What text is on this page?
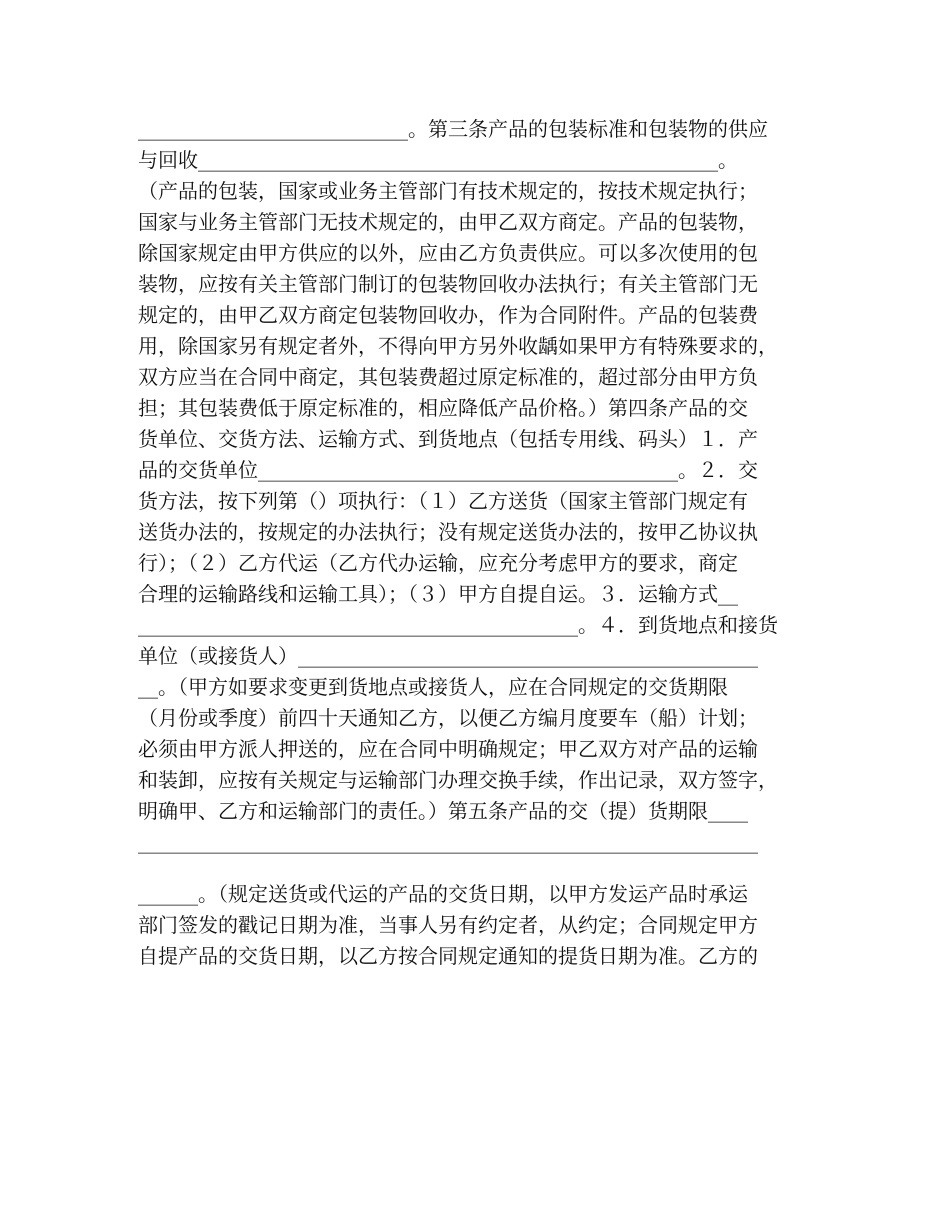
___________________________。第三条产品的包装标准和包装物的供应
与回收____________________________________________________。
（产品的包装，国家或业务主管部门有技术规定的，按技术规定执行；
国家与业务主管部门无技术规定的，由甲乙双方商定。产品的包装物，
除国家规定由甲方供应的以外，应由乙方负责供应。可以多次使用的包
装物，应按有关主管部门制订的包装物回收办法执行；有关主管部门无
规定的，由甲乙双方商定包装物回收办，作为合同附件。产品的包装费
用，除国家另有规定者外，不得向甲方另外收龋如果甲方有特殊要求的，
双方应当在合同中商定，其包装费超过原定标准的，超过部分由甲方负
担；其包装费低于原定标准的，相应降低产品价格。）第四条产品的交
货单位、交货方法、运输方式、到货地点（包括专用线、码头）１．产
品的交货单位__________________________________________。２．交
货方法，按下列第（）项执行：（１）乙方送货（国家主管部门规定有
送货办法的，按规定的办法执行；没有规定送货办法的，按甲乙协议执
行）；（２）乙方代运（乙方代办运输，应充分考虑甲方的要求，商定
合理的运输路线和运输工具）；（３）甲方自提自运。３．运输方式__
____________________________________________。４．到货地点和接货
单位（或接货人）______________________________________________
__。（甲方如要求变更到货地点或接货人，应在合同规定的交货期限
（月份或季度）前四十天通知乙方，以便乙方编月度要车（船）计划；
必须由甲方派人押送的，应在合同中明确规定；甲乙双方对产品的运输
和装卸，应按有关规定与运输部门办理交换手续，作出记录，双方签字，
明确甲、乙方和运输部门的责任。）第五条产品的交（提）货期限____
______________________________________________________________
______。（规定送货或代运的产品的交货日期，以甲方发运产品时承运
部门签发的戳记日期为准，当事人另有约定者，从约定；合同规定甲方
自提产品的交货日期，以乙方按合同规定通知的提货日期为准。乙方的
